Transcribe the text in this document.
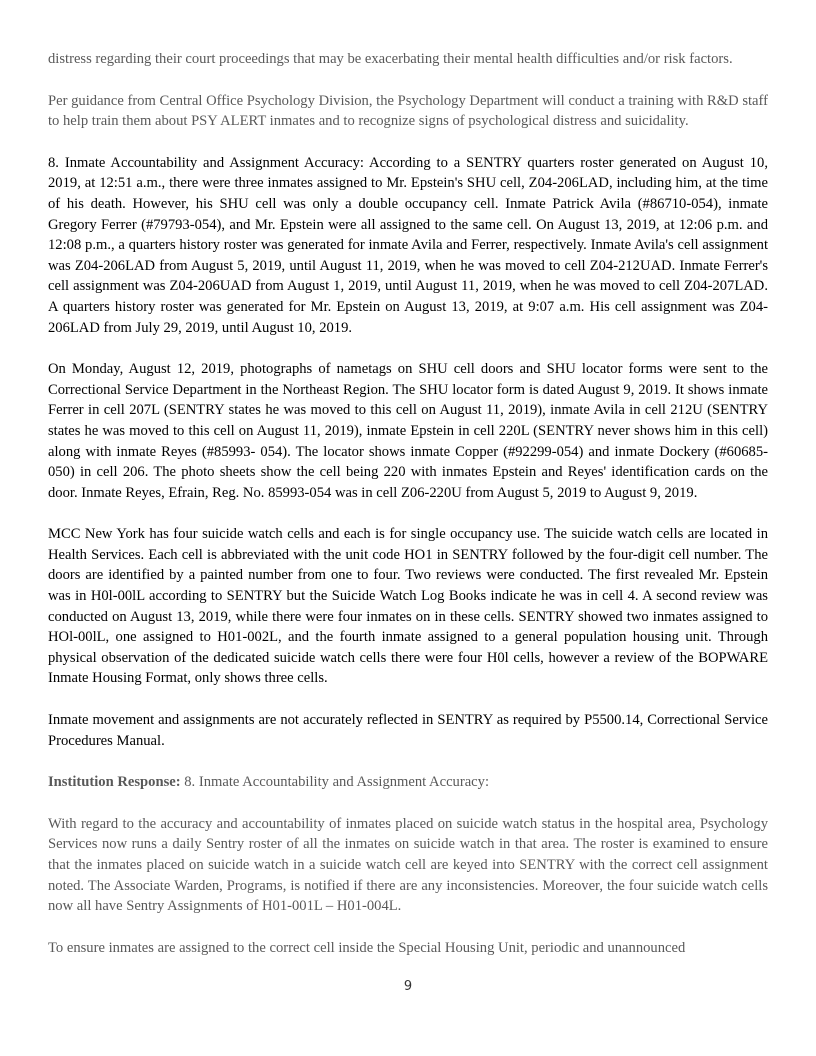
distress regarding their court proceedings that may be exacerbating their mental health difficulties and/or risk factors.

Per guidance from Central Office Psychology Division, the Psychology Department will conduct a training with R&D staff to help train them about PSY ALERT inmates and to recognize signs of psychological distress and suicidality.

8. Inmate Accountability and Assignment Accuracy: According to a SENTRY quarters roster generated on August 10, 2019, at 12:51 a.m., there were three inmates assigned to Mr. Epstein's SHU cell, Z04-206LAD, including him, at the time of his death. However, his SHU cell was only a double occupancy cell. Inmate Patrick Avila (#86710-054), inmate Gregory Ferrer (#79793-054), and Mr. Epstein were all assigned to the same cell. On August 13, 2019, at 12:06 p.m. and 12:08 p.m., a quarters history roster was generated for inmate Avila and Ferrer, respectively. Inmate Avila's cell assignment was Z04-206LAD from August 5, 2019, until August 11, 2019, when he was moved to cell Z04-212UAD. Inmate Ferrer's cell assignment was Z04-206UAD from August 1, 2019, until August 11, 2019, when he was moved to cell Z04-207LAD. A quarters history roster was generated for Mr. Epstein on August 13, 2019, at 9:07 a.m. His cell assignment was Z04-206LAD from July 29, 2019, until August 10, 2019.

On Monday, August 12, 2019, photographs of nametags on SHU cell doors and SHU locator forms were sent to the Correctional Service Department in the Northeast Region. The SHU locator form is dated August 9, 2019. It shows inmate Ferrer in cell 207L (SENTRY states he was moved to this cell on August 11, 2019), inmate Avila in cell 212U (SENTRY states he was moved to this cell on August 11, 2019), inmate Epstein in cell 220L (SENTRY never shows him in this cell) along with inmate Reyes (#85993- 054). The locator shows inmate Copper (#92299-054) and inmate Dockery (#60685-050) in cell 206. The photo sheets show the cell being 220 with inmates Epstein and Reyes' identification cards on the door. Inmate Reyes, Efrain, Reg. No. 85993-054 was in cell Z06-220U from August 5, 2019 to August 9, 2019.

MCC New York has four suicide watch cells and each is for single occupancy use. The suicide watch cells are located in Health Services. Each cell is abbreviated with the unit code HO1 in SENTRY followed by the four-digit cell number. The doors are identified by a painted number from one to four. Two reviews were conducted. The first revealed Mr. Epstein was in H0l-00lL according to SENTRY but the Suicide Watch Log Books indicate he was in cell 4. A second review was conducted on August 13, 2019, while there were four inmates on in these cells. SENTRY showed two inmates assigned to HOl-00lL, one assigned to H01-002L, and the fourth inmate assigned to a general population housing unit. Through physical observation of the dedicated suicide watch cells there were four H0l cells, however a review of the BOPWARE Inmate Housing Format, only shows three cells.

Inmate movement and assignments are not accurately reflected in SENTRY as required by P5500.14, Correctional Service Procedures Manual.

Institution Response: 8. Inmate Accountability and Assignment Accuracy:

With regard to the accuracy and accountability of inmates placed on suicide watch status in the hospital area, Psychology Services now runs a daily Sentry roster of all the inmates on suicide watch in that area. The roster is examined to ensure that the inmates placed on suicide watch in a suicide watch cell are keyed into SENTRY with the correct cell assignment noted. The Associate Warden, Programs, is notified if there are any inconsistencies. Moreover, the four suicide watch cells now all have Sentry Assignments of H01-001L – H01-004L.

To ensure inmates are assigned to the correct cell inside the Special Housing Unit, periodic and unannounced

9
